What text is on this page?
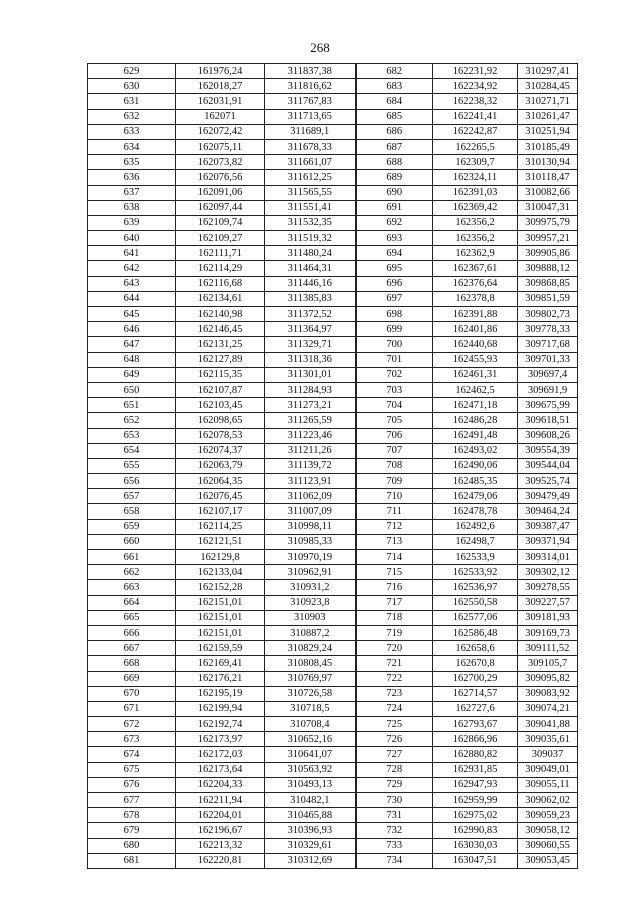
268
629	161976,24	311837,38	682	162231,92	310297,41
630	162018,27	311816,62	683	162234,92	310284,45
631	162031,91	311767,83	684	162238,32	310271,71
632	162071	311713,65	685	162241,41	310261,47
633	162072,42	311689,1	686	162242,87	310251,94
634	162075,11	311678,33	687	162265,5	310185,49
635	162073,82	311661,07	688	162309,7	310130,94
636	162076,56	311612,25	689	162324,11	310118,47
637	162091,06	311565,55	690	162391,03	310082,66
638	162097,44	311551,41	691	162369,42	310047,31
639	162109,74	311532,35	692	162356,2	309975,79
640	162109,27	311519,32	693	162356,2	309957,21
641	162111,71	311480,24	694	162362,9	309905,86
642	162114,29	311464,31	695	162367,61	309888,12
643	162116,68	311446,16	696	162376,64	309868,85
644	162134,61	311385,83	697	162378,8	309851,59
645	162140,98	311372,52	698	162391,88	309802,73
646	162146,45	311364,97	699	162401,86	309778,33
647	162131,25	311329,71	700	162440,68	309717,68
648	162127,89	311318,36	701	162455,93	309701,33
649	162115,35	311301,01	702	162461,31	309697,4
650	162107,87	311284,93	703	162462,5	309691,9
651	162103,45	311273,21	704	162471,18	309675,99
652	162098,65	311265,59	705	162486,28	309618,51
653	162078,53	311223,46	706	162491,48	309608,26
654	162074,37	311211,26	707	162493,02	309554,39
655	162063,79	311139,72	708	162490,06	309544,04
656	162064,35	311123,91	709	162485,35	309525,74
657	162076,45	311062,09	710	162479,06	309479,49
658	162107,17	311007,09	711	162478,78	309464,24
659	162114,25	310998,11	712	162492,6	309387,47
660	162121,51	310985,33	713	162498,7	309371,94
661	162129,8	310970,19	714	162533,9	309314,01
662	162133,04	310962,91	715	162533,92	309302,12
663	162152,28	310931,2	716	162536,97	309278,55
664	162151,01	310923,8	717	162550,58	309227,57
665	162151,01	310903	718	162577,06	309181,93
666	162151,01	310887,2	719	162586,48	309169,73
667	162159,59	310829,24	720	162658,6	309111,52
668	162169,41	310808,45	721	162670,8	309105,7
669	162176,21	310769,97	722	162700,29	309095,82
670	162195,19	310726,58	723	162714,57	309083,92
671	162199,94	310718,5	724	162727,6	309074,21
672	162192,74	310708,4	725	162793,67	309041,88
673	162173,97	310652,16	726	162866,96	309035,61
674	162172,03	310641,07	727	162880,82	309037
675	162173,64	310563,92	728	162931,85	309049,01
676	162204,33	310493,13	729	162947,93	309055,11
677	162211,94	310482,1	730	162959,99	309062,02
678	162204,01	310465,88	731	162975,02	309059,23
679	162196,67	310396,93	732	162990,83	309058,12
680	162213,32	310329,61	733	163030,03	309060,55
681	162220,81	310312,69	734	163047,51	309053,45
